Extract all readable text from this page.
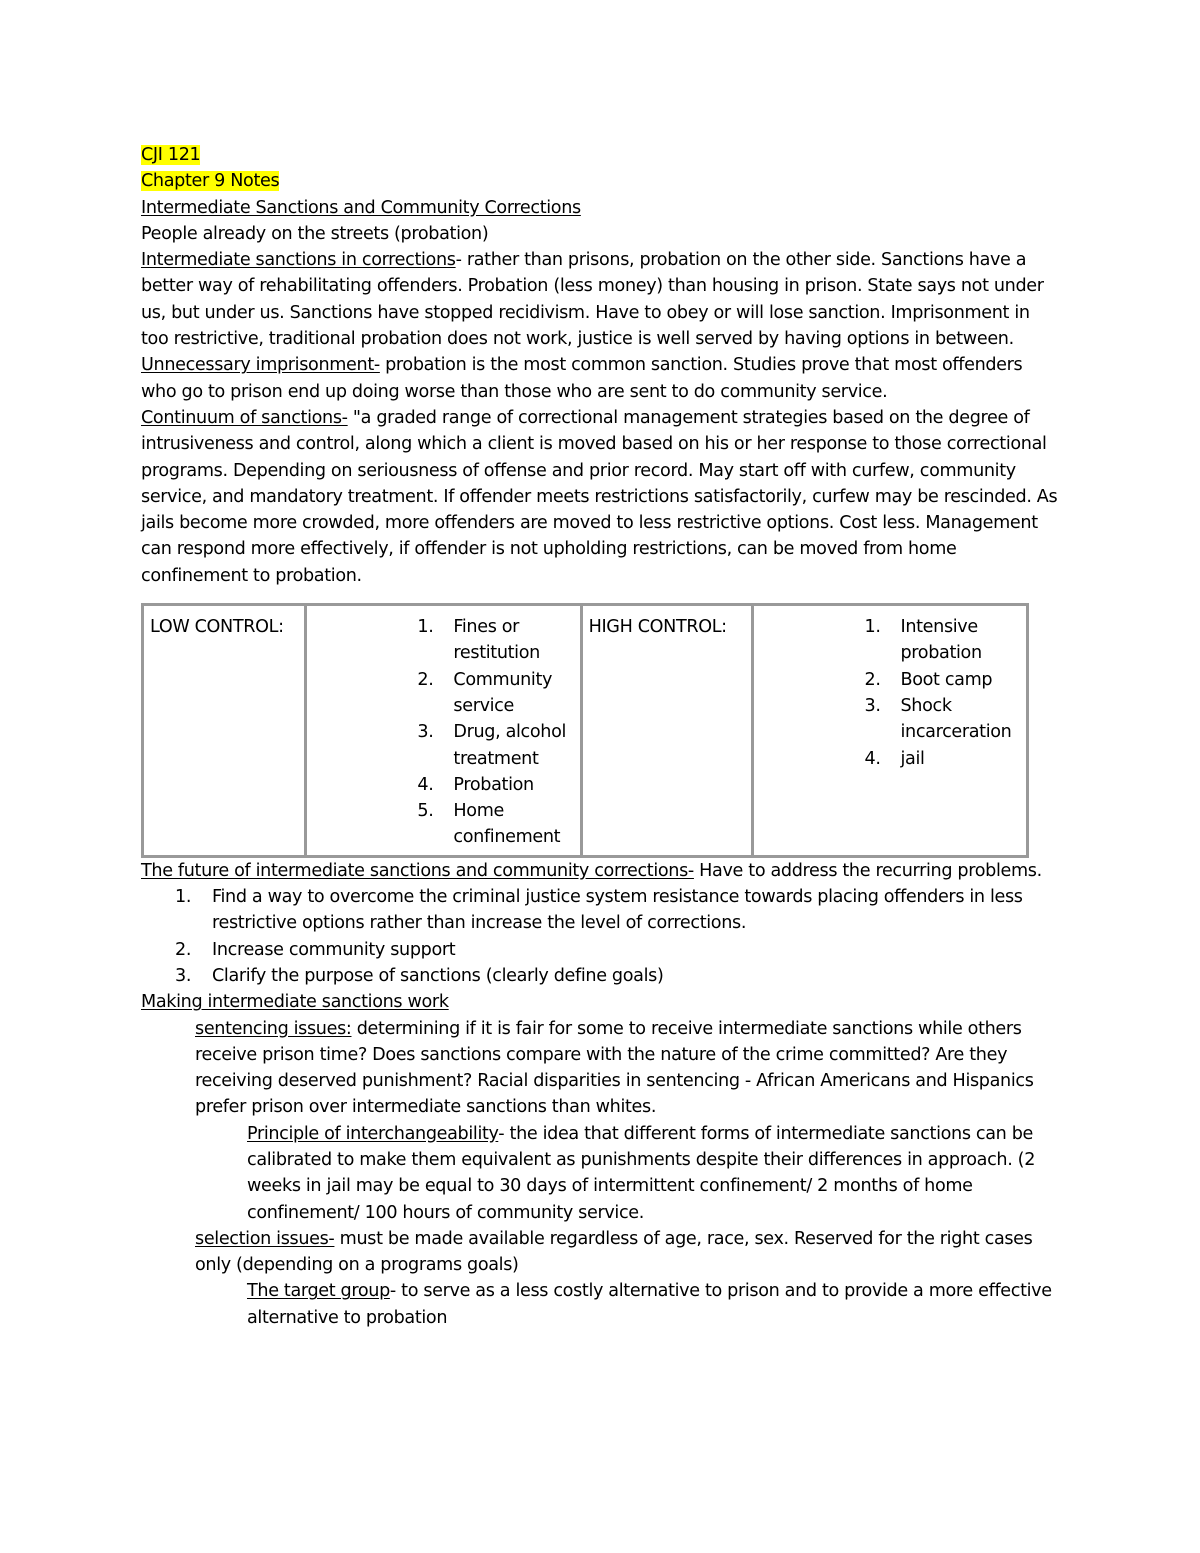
CJI 121

Chapter 9 Notes

Intermediate Sanctions and Community Corrections

People already on the streets (probation)

Intermediate sanctions in corrections- rather than prisons, probation on the other side. Sanctions have a better way of rehabilitating offenders. Probation (less money) than housing in prison. State says not under us, but under us. Sanctions have stopped recidivism. Have to obey or will lose sanction. Imprisonment in too restrictive, traditional probation does not work, justice is well served by having options in between.

Unnecessary imprisonment- probation is the most common sanction. Studies prove that most offenders who go to prison end up doing worse than those who are sent to do community service.

Continuum of sanctions- "a graded range of correctional management strategies based on the degree of intrusiveness and control, along which a client is moved based on his or her response to those correctional programs. Depending on seriousness of offense and prior record. May start off with curfew, community service, and mandatory treatment. If offender meets restrictions satisfactorily, curfew may be rescinded. As jails become more crowded, more offenders are moved to less restrictive options. Cost less. Management can respond more effectively, if offender is not upholding restrictions, can be moved from home confinement to probation.

LOW CONTROL:	Fines or restitution
Community service
Drug, alcohol treatment
Probation
Home confinement
	HIGH CONTROL:	Intensive probation
Boot camp
Shock incarceration
jail

The future of intermediate sanctions and community corrections- Have to address the recurring problems.

Find a way to overcome the criminal justice system resistance towards placing offenders in less restrictive options rather than increase the level of corrections.
Increase community support
Clarify the purpose of sanctions (clearly define goals)

Making intermediate sanctions work

sentencing issues: determining if it is fair for some to receive intermediate sanctions while others receive prison time? Does sanctions compare with the nature of the crime committed? Are they receiving deserved punishment? Racial disparities in sentencing - African Americans and Hispanics prefer prison over intermediate sanctions than whites.

Principle of interchangeability- the idea that different forms of intermediate sanctions can be calibrated to make them equivalent as punishments despite their differences in approach. (2 weeks in jail may be equal to 30 days of intermittent confinement/ 2 months of home confinement/ 100 hours of community service.

selection issues- must be made available regardless of age, race, sex. Reserved for the right cases only (depending on a programs goals)

The target group- to serve as a less costly alternative to prison and to provide a more effective alternative to probation
